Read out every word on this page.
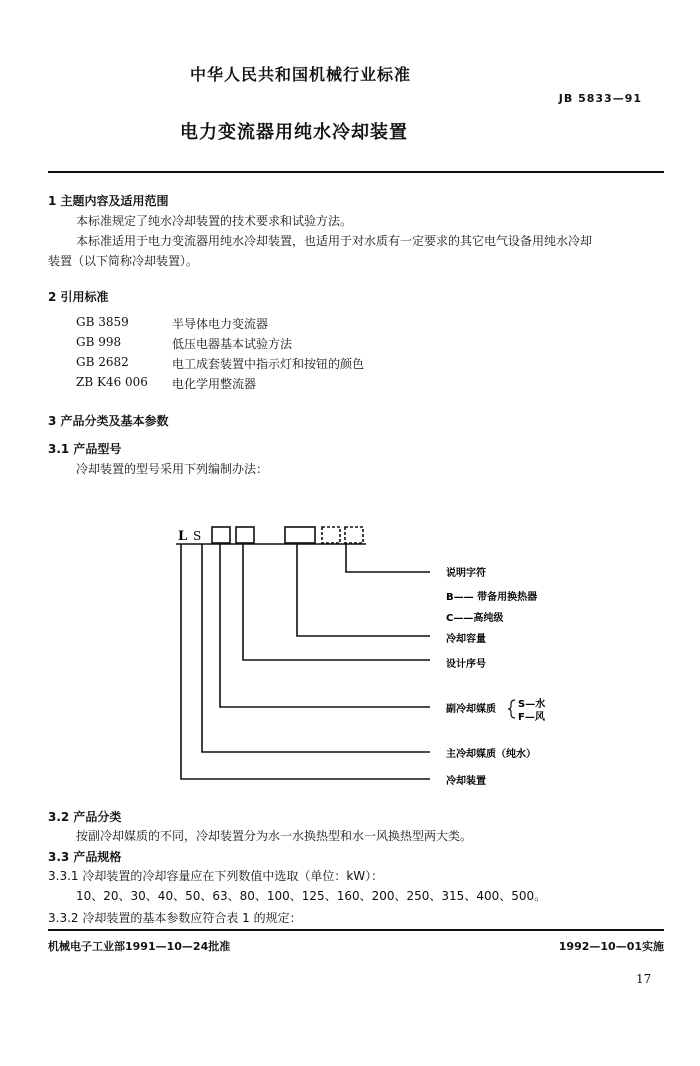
中华人民共和国机械行业标准
JB 5833—91
电力变流器用纯水冷却装置
1 主题内容及适用范围
本标准规定了纯水冷却装置的技术要求和试验方法。
本标准适用于电力变流器用纯水冷却装置，也适用于对水质有一定要求的其它电气设备用纯水冷却
装置（以下简称冷却装置）。
2 引用标准
GB 3859	半导体电力变流器
GB 998	低压电器基本试验方法
GB 2682	电工成套装置中指示灯和按钮的颜色
ZB K46 006 电化学用整流器
3 产品分类及基本参数
3.1 产品型号
冷却装置的型号采用下列编制办法：
L S
说明字符
B—— 带备用换热器
C——高纯级
冷却容量
设计序号
副冷却媒质 S—水
F—风
主冷却媒质（纯水）
冷却装置
3.2 产品分类
按副冷却媒质的不同，冷却装置分为水一水换热型和水一风换热型两大类。
3.3 产品规格
3.3.1 冷却装置的冷却容量应在下列数值中选取（单位：kW）：
10、20、30、40、50、63、80、100、125、160、200、250、315、400、500。
3.3.2 冷却装置的基本参数应符合表 1 的规定：
机械电子工业部1991—10—24批准	1992—10—01实施
17
